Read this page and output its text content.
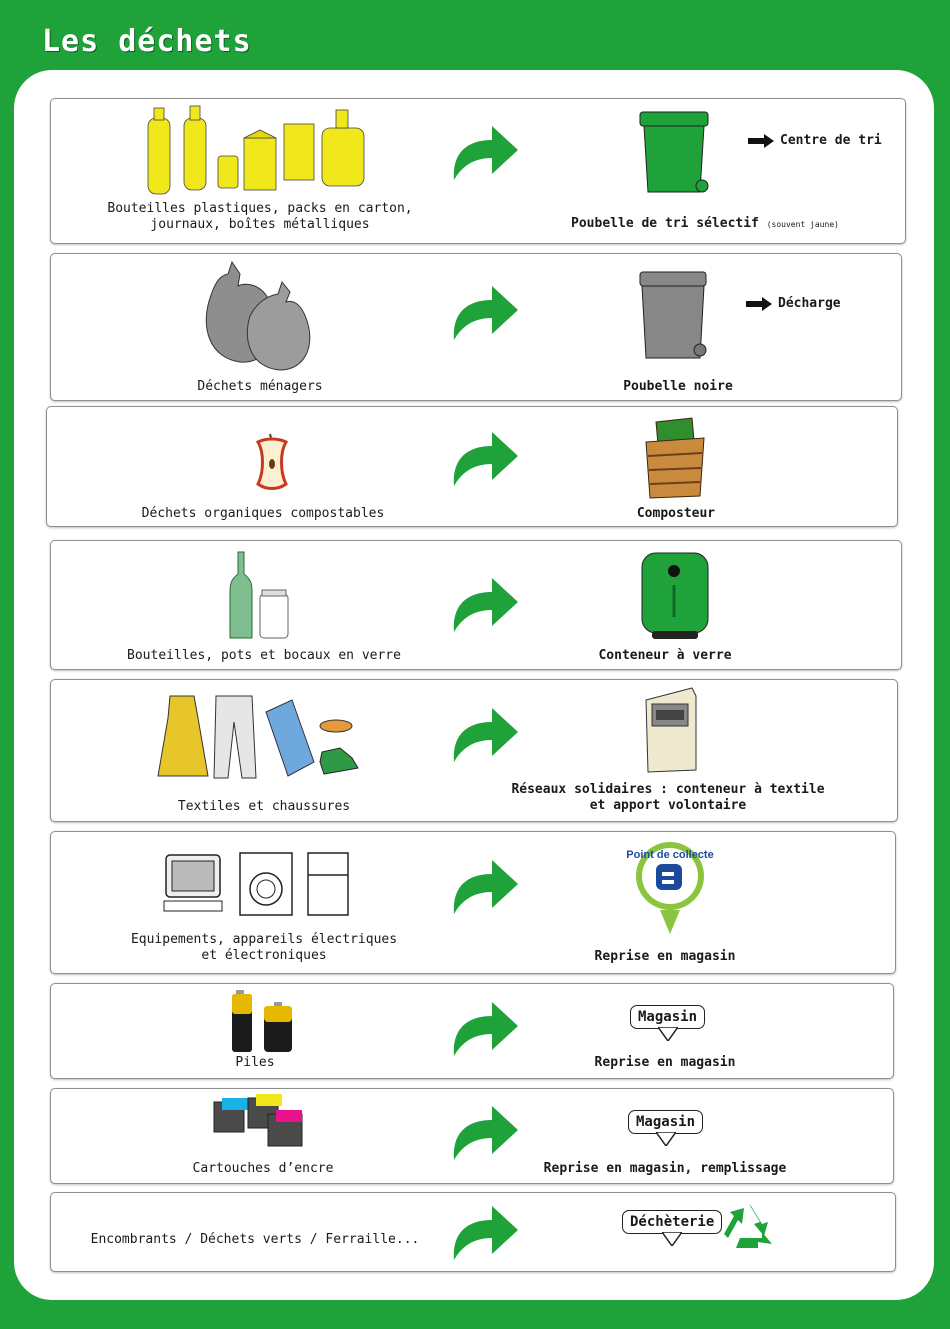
Les déchets
Bouteilles plastiques, packs en carton,
journaux, boîtes métalliques
Centre de tri
Poubelle de tri sélectif (souvent jaune)
Déchets ménagers
Décharge
Poubelle noire
Déchets organiques compostables	Composteur
Bouteilles, pots et bocaux en verre	Conteneur à verre
Textiles et chaussures
Réseaux solidaires : conteneur à textile
et apport volontaire
Equipements, appareils électriques
et électroniques
Point de collecte
Reprise en magasin
Piles
Magasin
Reprise en magasin
Cartouches d’encre
Magasin
Reprise en magasin, remplissage
Encombrants / Déchets verts / Ferraille...
Déchèterie
